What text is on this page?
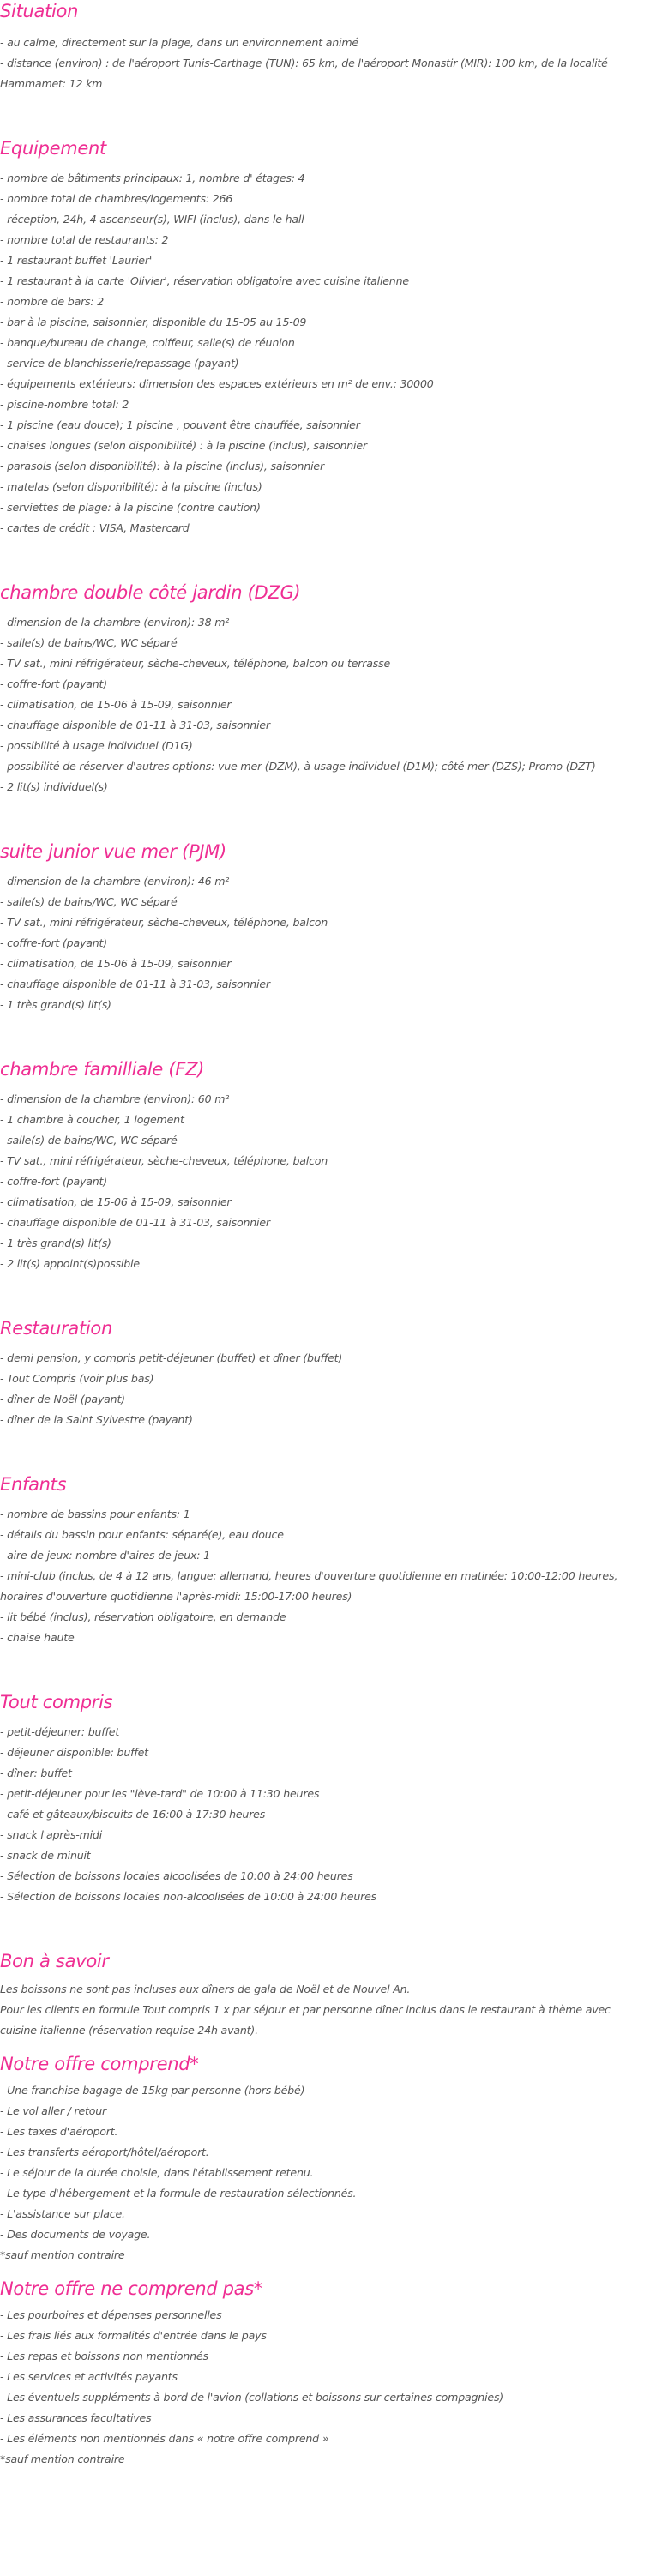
Situation

- au calme, directement sur la plage, dans un environnement animé

- distance (environ) : de l'aéroport Tunis-Carthage (TUN): 65 km, de l'aéroport Monastir (MIR): 100 km, de la localité Hammamet: 12 km

Equipement

- nombre de bâtiments principaux: 1, nombre d' étages: 4

- nombre total de chambres/logements: 266

- réception, 24h, 4 ascenseur(s), WIFI (inclus), dans le hall

- nombre total de restaurants: 2

- 1 restaurant buffet 'Laurier'

- 1 restaurant à la carte 'Olivier', réservation obligatoire avec cuisine italienne

- nombre de bars: 2

- bar à la piscine, saisonnier, disponible du 15-05 au 15-09

- banque/bureau de change, coiffeur, salle(s) de réunion

- service de blanchisserie/repassage (payant)

- équipements extérieurs: dimension des espaces extérieurs en m² de env.: 30000

- piscine-nombre total: 2

- 1 piscine (eau douce); 1 piscine , pouvant être chauffée, saisonnier

- chaises longues (selon disponibilité) : à la piscine (inclus), saisonnier

- parasols (selon disponibilité): à la piscine (inclus), saisonnier

- matelas (selon disponibilité): à la piscine (inclus)

- serviettes de plage: à la piscine (contre caution)

- cartes de crédit : VISA, Mastercard

chambre double côté jardin (DZG)

- dimension de la chambre (environ): 38 m²

- salle(s) de bains/WC, WC séparé

- TV sat., mini réfrigérateur, sèche-cheveux, téléphone, balcon ou terrasse

- coffre-fort (payant)

- climatisation, de 15-06 à 15-09, saisonnier

- chauffage disponible de 01-11 à 31-03, saisonnier

- possibilité à usage individuel (D1G)

- possibilité de réserver d'autres options: vue mer (DZM), à usage individuel (D1M); côté mer (DZS); Promo (DZT)

- 2 lit(s) individuel(s)

suite junior vue mer (PJM)

- dimension de la chambre (environ): 46 m²

- salle(s) de bains/WC, WC séparé

- TV sat., mini réfrigérateur, sèche-cheveux, téléphone, balcon

- coffre-fort (payant)

- climatisation, de 15-06 à 15-09, saisonnier

- chauffage disponible de 01-11 à 31-03, saisonnier

- 1 très grand(s) lit(s)

chambre familliale (FZ)

- dimension de la chambre (environ): 60 m²

- 1 chambre à coucher, 1 logement

- salle(s) de bains/WC, WC séparé

- TV sat., mini réfrigérateur, sèche-cheveux, téléphone, balcon

- coffre-fort (payant)

- climatisation, de 15-06 à 15-09, saisonnier

- chauffage disponible de 01-11 à 31-03, saisonnier

- 1 très grand(s) lit(s)

- 2 lit(s) appoint(s)possible

Restauration

- demi pension, y compris petit-déjeuner (buffet) et dîner (buffet)

- Tout Compris (voir plus bas)

- dîner de Noël (payant)

- dîner de la Saint Sylvestre (payant)

Enfants

- nombre de bassins pour enfants: 1

- détails du bassin pour enfants: séparé(e), eau douce

- aire de jeux: nombre d'aires de jeux: 1

- mini-club (inclus, de 4 à 12 ans, langue: allemand, heures d'ouverture quotidienne en matinée: 10:00-12:00 heures, horaires d'ouverture quotidienne l'après-midi: 15:00-17:00 heures)

- lit bébé (inclus), réservation obligatoire, en demande

- chaise haute

Tout compris

- petit-déjeuner: buffet

- déjeuner disponible: buffet

- dîner: buffet

- petit-déjeuner pour les "lève-tard" de 10:00 à 11:30 heures

- café et gâteaux/biscuits de 16:00 à 17:30 heures

- snack l'après-midi

- snack de minuit

- Sélection de boissons locales alcoolisées de 10:00 à 24:00 heures

- Sélection de boissons locales non-alcoolisées de 10:00 à 24:00 heures

Bon à savoir

Les boissons ne sont pas incluses aux dîners de gala de Noël et de Nouvel An.

Pour les clients en formule Tout compris 1 x par séjour et par personne dîner inclus dans le restaurant à thème avec cuisine italienne (réservation requise 24h avant).

Notre offre comprend*

- Une franchise bagage de 15kg par personne (hors bébé)

- Le vol aller / retour

- Les taxes d'aéroport.

- Les transferts aéroport/hôtel/aéroport.

- Le séjour de la durée choisie, dans l'établissement retenu.

- Le type d'hébergement et la formule de restauration sélectionnés.

- L'assistance sur place.

- Des documents de voyage.

*sauf mention contraire

Notre offre ne comprend pas*

- Les pourboires et dépenses personnelles

- Les frais liés aux formalités d'entrée dans le pays

- Les repas et boissons non mentionnés

- Les services et activités payants

- Les éventuels suppléments à bord de l'avion (collations et boissons sur certaines compagnies)

- Les assurances facultatives

- Les éléments non mentionnés dans « notre offre comprend »

*sauf mention contraire
